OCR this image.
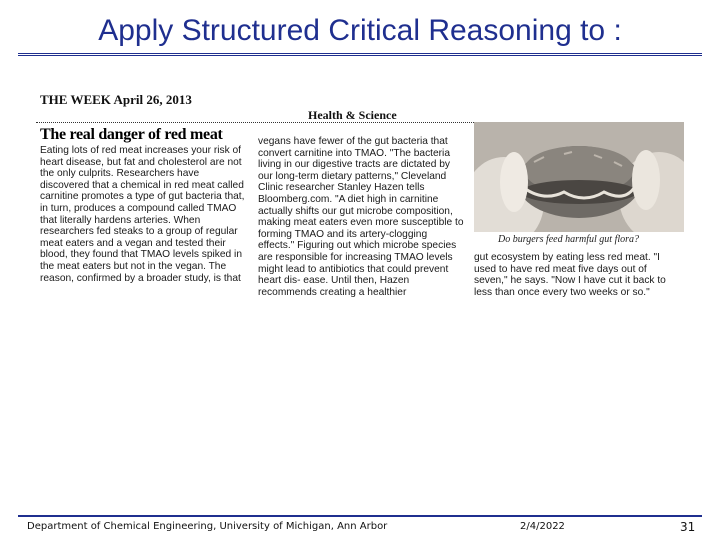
Apply Structured Critical Reasoning to :
THE WEEK April 26, 2013
Health & Science
The real danger of red meat
Eating lots of red meat increases your risk of heart disease, but fat and cholesterol are not the only culprits. Researchers have discovered that a chemical in red meat called carnitine promotes a type of gut bacteria that, in turn, produces a compound called TMAO that literally hardens arteries. When researchers fed steaks to a group of regular meat eaters and a vegan and tested their blood, they found that TMAO levels spiked in the meat eaters but not in the vegan. The reason, confirmed by a broader study, is that
vegans have fewer of the gut bacteria that convert carnitine into TMAO. "The bacteria living in our digestive tracts are dictated by our long-term dietary patterns," Cleveland Clinic researcher Stanley Hazen tells Bloomberg.com. "A diet high in carnitine actually shifts our gut microbe composition, making meat eaters even more susceptible to forming TMAO and its artery-clogging effects." Figuring out which microbe species are responsible for increasing TMAO levels might lead to antibiotics that could prevent heart dis- ease. Until then, Hazen recommends creating a healthier
Do burgers feed harmful gut flora?
gut ecosystem by eating less red meat. "I used to have red meat five days out of seven," he says. "Now I have cut it back to less than once every two weeks or so."
Department of Chemical Engineering, University of Michigan, Ann Arbor	2/4/2022	31
